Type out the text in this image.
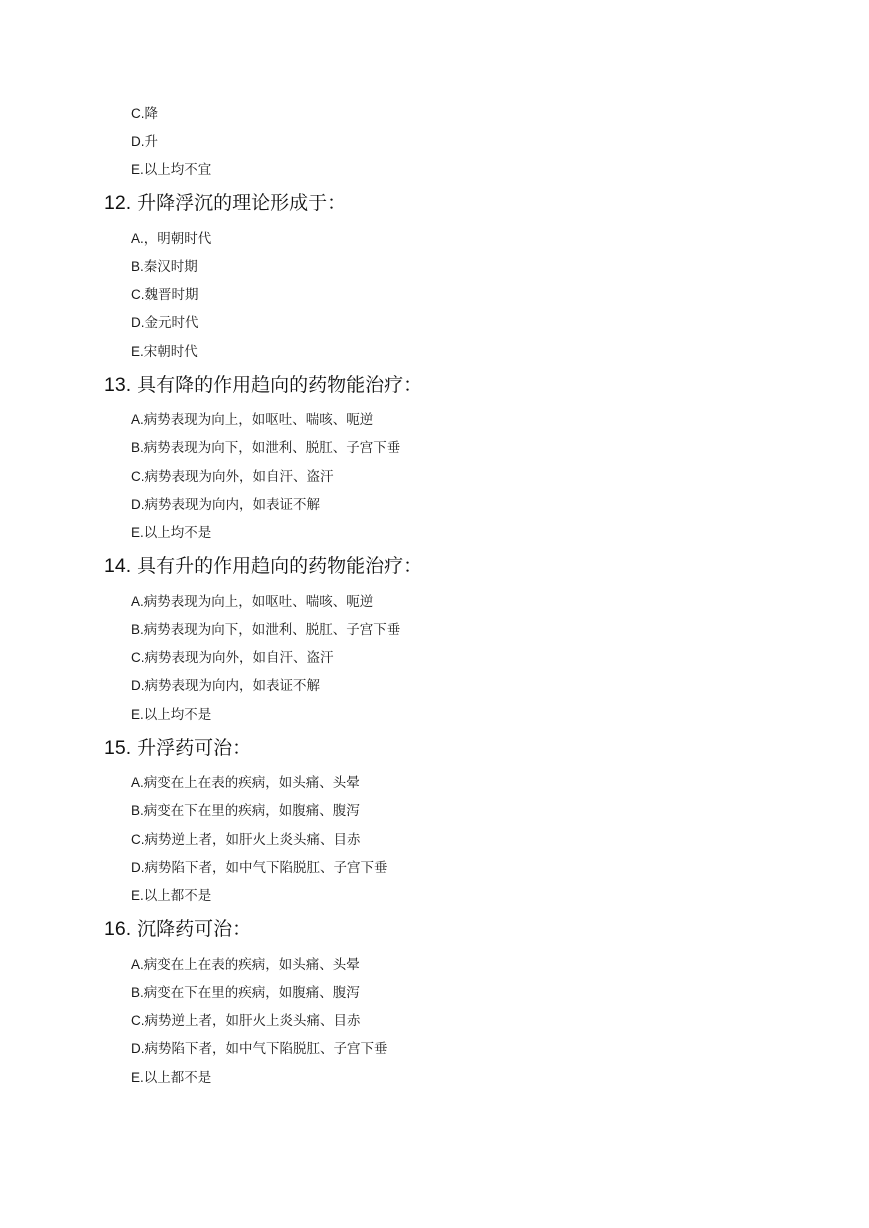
C.降
D.升
E.以上均不宜
12. 升降浮沉的理论形成于：
A.，明朝时代
B.秦汉时期
C.魏晋时期
D.金元时代
E.宋朝时代
13. 具有降的作用趋向的药物能治疗：
A.病势表现为向上，如呕吐、喘咳、呃逆
B.病势表现为向下，如泄利、脱肛、子宫下垂
C.病势表现为向外，如自汗、盗汗
D.病势表现为向内，如表证不解
E.以上均不是
14. 具有升的作用趋向的药物能治疗：
A.病势表现为向上，如呕吐、喘咳、呃逆
B.病势表现为向下，如泄利、脱肛、子宫下垂
C.病势表现为向外，如自汗、盗汗
D.病势表现为向内，如表证不解
E.以上均不是
15. 升浮药可治：
A.病变在上在表的疾病，如头痛、头晕
B.病变在下在里的疾病，如腹痛、腹泻
C.病势逆上者，如肝火上炎头痛、目赤
D.病势陷下者，如中气下陷脱肛、子宫下垂
E.以上都不是
16. 沉降药可治：
A.病变在上在表的疾病，如头痛、头晕
B.病变在下在里的疾病，如腹痛、腹泻
C.病势逆上者，如肝火上炎头痛、目赤
D.病势陷下者，如中气下陷脱肛、子宫下垂
E.以上都不是
